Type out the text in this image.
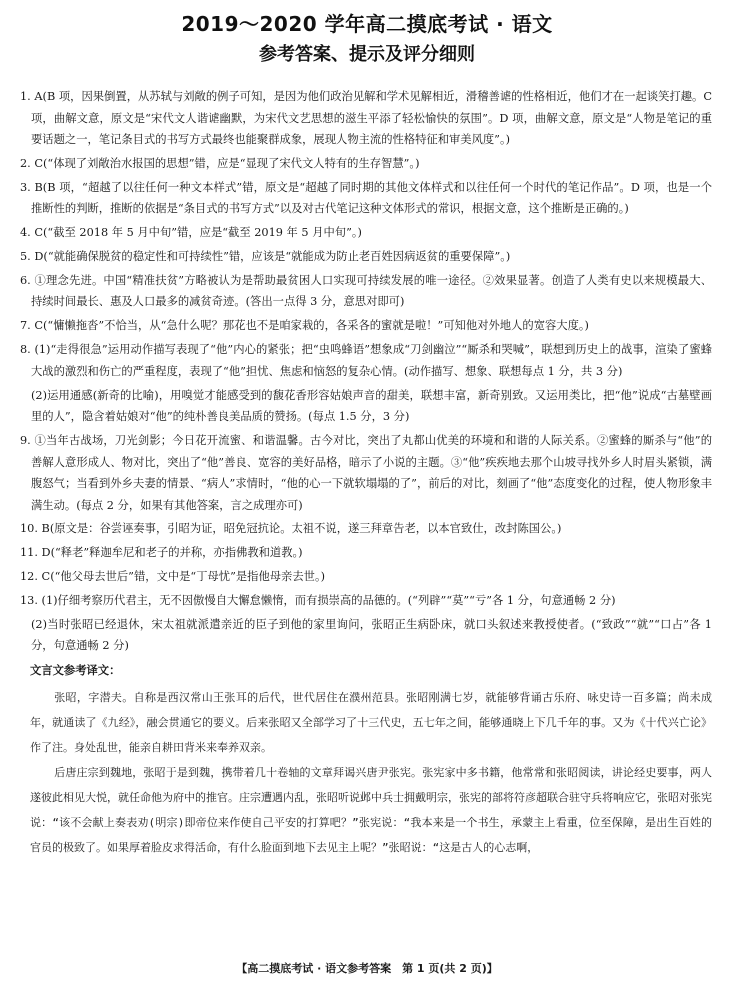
2019～2020 学年高二摸底考试 · 语文
参考答案、提示及评分细则

1. A(B 项，因果倒置，从苏轼与刘敞的例子可知，是因为他们政治见解和学术见解相近，滑稽善谑的性格相近，他们才在一起谈笑打趣。C 项，曲解文意，原文是“宋代文人谐谑幽默，为宋代文艺思想的滋生平添了轻松愉快的氛围”。D 项，曲解文意，原文是“人物是笔记的重要话题之一，笔记条目式的书写方式最终也能聚群成象，展现人物主流的性格特征和审美风度”。)

2. C(“体现了刘敞治水报国的思想”错，应是“显现了宋代文人特有的生存智慧”。)

3. B(B 项，“超越了以往任何一种文本样式”错，原文是“超越了同时期的其他文体样式和以往任何一个时代的笔记作品”。D 项，也是一个推断性的判断，推断的依据是“条目式的书写方式”以及对古代笔记这种文体形式的常识，根据文意，这个推断是正确的。)

4. C(“截至 2018 年 5 月中旬”错，应是“截至 2019 年 5 月中旬”。)

5. D(“就能确保脱贫的稳定性和可持续性”错，应该是“就能成为防止老百姓因病返贫的重要保障”。)

6. ①理念先进。中国“精准扶贫”方略被认为是帮助最贫困人口实现可持续发展的唯一途径。②效果显著。创造了人类有史以来规模最大、持续时间最长、惠及人口最多的减贫奇迹。(答出一点得 3 分，意思对即可)

7. C(“慵懒拖沓”不恰当，从“急什么呢？那花也不是咱家栽的，各采各的蜜就是啦！”可知他对外地人的宽容大度。)

8. (1)“走得很急”运用动作描写表现了“他”内心的紧张；把“虫鸣蜂语”想象成“刀剑幽泣”“厮杀和哭喊”，联想到历史上的战事，渲染了蜜蜂大战的激烈和伤亡的严重程度，表现了“他”担忧、焦虑和恼怒的复杂心情。(动作描写、想象、联想每点 1 分，共 3 分)

(2)运用通感(新奇的比喻)，用嗅觉才能感受到的馥花香形容姑娘声音的甜美，联想丰富，新奇别致。又运用类比，把“他”说成“古墓壁画里的人”，隐含着姑娘对“他”的纯朴善良美品质的赞扬。(每点 1.5 分，3 分)

9. ①当年古战场，刀光剑影；今日花开流蜜、和谐温馨。古今对比，突出了丸都山优美的环境和和谐的人际关系。②蜜蜂的厮杀与“他”的善解人意形成人、物对比，突出了“他”善良、宽容的美好品格，暗示了小说的主题。③“他”疾疾地去那个山坡寻找外乡人时眉头紧锁，满腹怒气；当看到外乡夫妻的情景、“病人”求情时，“他的心一下就软塌塌的了”，前后的对比，刻画了“他”态度变化的过程，使人物形象丰满生动。(每点 2 分，如果有其他答案，言之成理亦可)

10. B(原文是：谷尝诬奏事，引昭为证，昭免冠抗论。太祖不说，遂三拜章告老，以本官致仕，改封陈国公。)

11. D(“释老”释迦牟尼和老子的并称，亦指佛教和道教。)

12. C(“他父母去世后”错，文中是“丁母忧”是指他母亲去世。)

13. (1)仔细考察历代君主，无不因傲慢自大懈怠懒惰，而有损崇高的品德的。(“列辟”“莫”“亏”各 1 分，句意通畅 2 分)

(2)当时张昭已经退休，宋太祖就派遣亲近的臣子到他的家里询问，张昭正生病卧床，就口头叙述来教授使者。(“致政”“就”“口占”各 1 分，句意通畅 2 分)

文言文参考译文：

张昭，字潜夫。自称是西汉常山王张耳的后代，世代居住在濮州范县。张昭刚满七岁，就能够背诵古乐府、咏史诗一百多篇；尚未成年，就通读了《九经》，融会贯通它的要义。后来张昭又全部学习了十三代史，五七年之间，能够通晓上下几千年的事。又为《十代兴亡论》作了注。身处乱世，能亲自耕田背米来奉养双亲。

后唐庄宗到魏地，张昭于是到魏，携带着几十卷轴的文章拜谒兴唐尹张宪。张宪家中多书籍，他常常和张昭阅读，讲论经史要事，两人遂彼此相见大悦，就任命他为府中的推官。庄宗遭遇内乱，张昭听说邺中兵士拥戴明宗，张宪的部将符彦超联合驻守兵将响应它，张昭对张宪说：“该不会献上奏表劝(明宗)即帝位来作使自己平安的打算吧？”张宪说：“我本来是一个书生，承蒙主上看重，位至保障，是出生百姓的官员的极致了。如果厚着脸皮求得活命，有什么脸面到地下去见主上呢？”张昭说：“这是古人的心志啊，

【高二摸底考试 · 语文参考答案　第 1 页(共 2 页)】
